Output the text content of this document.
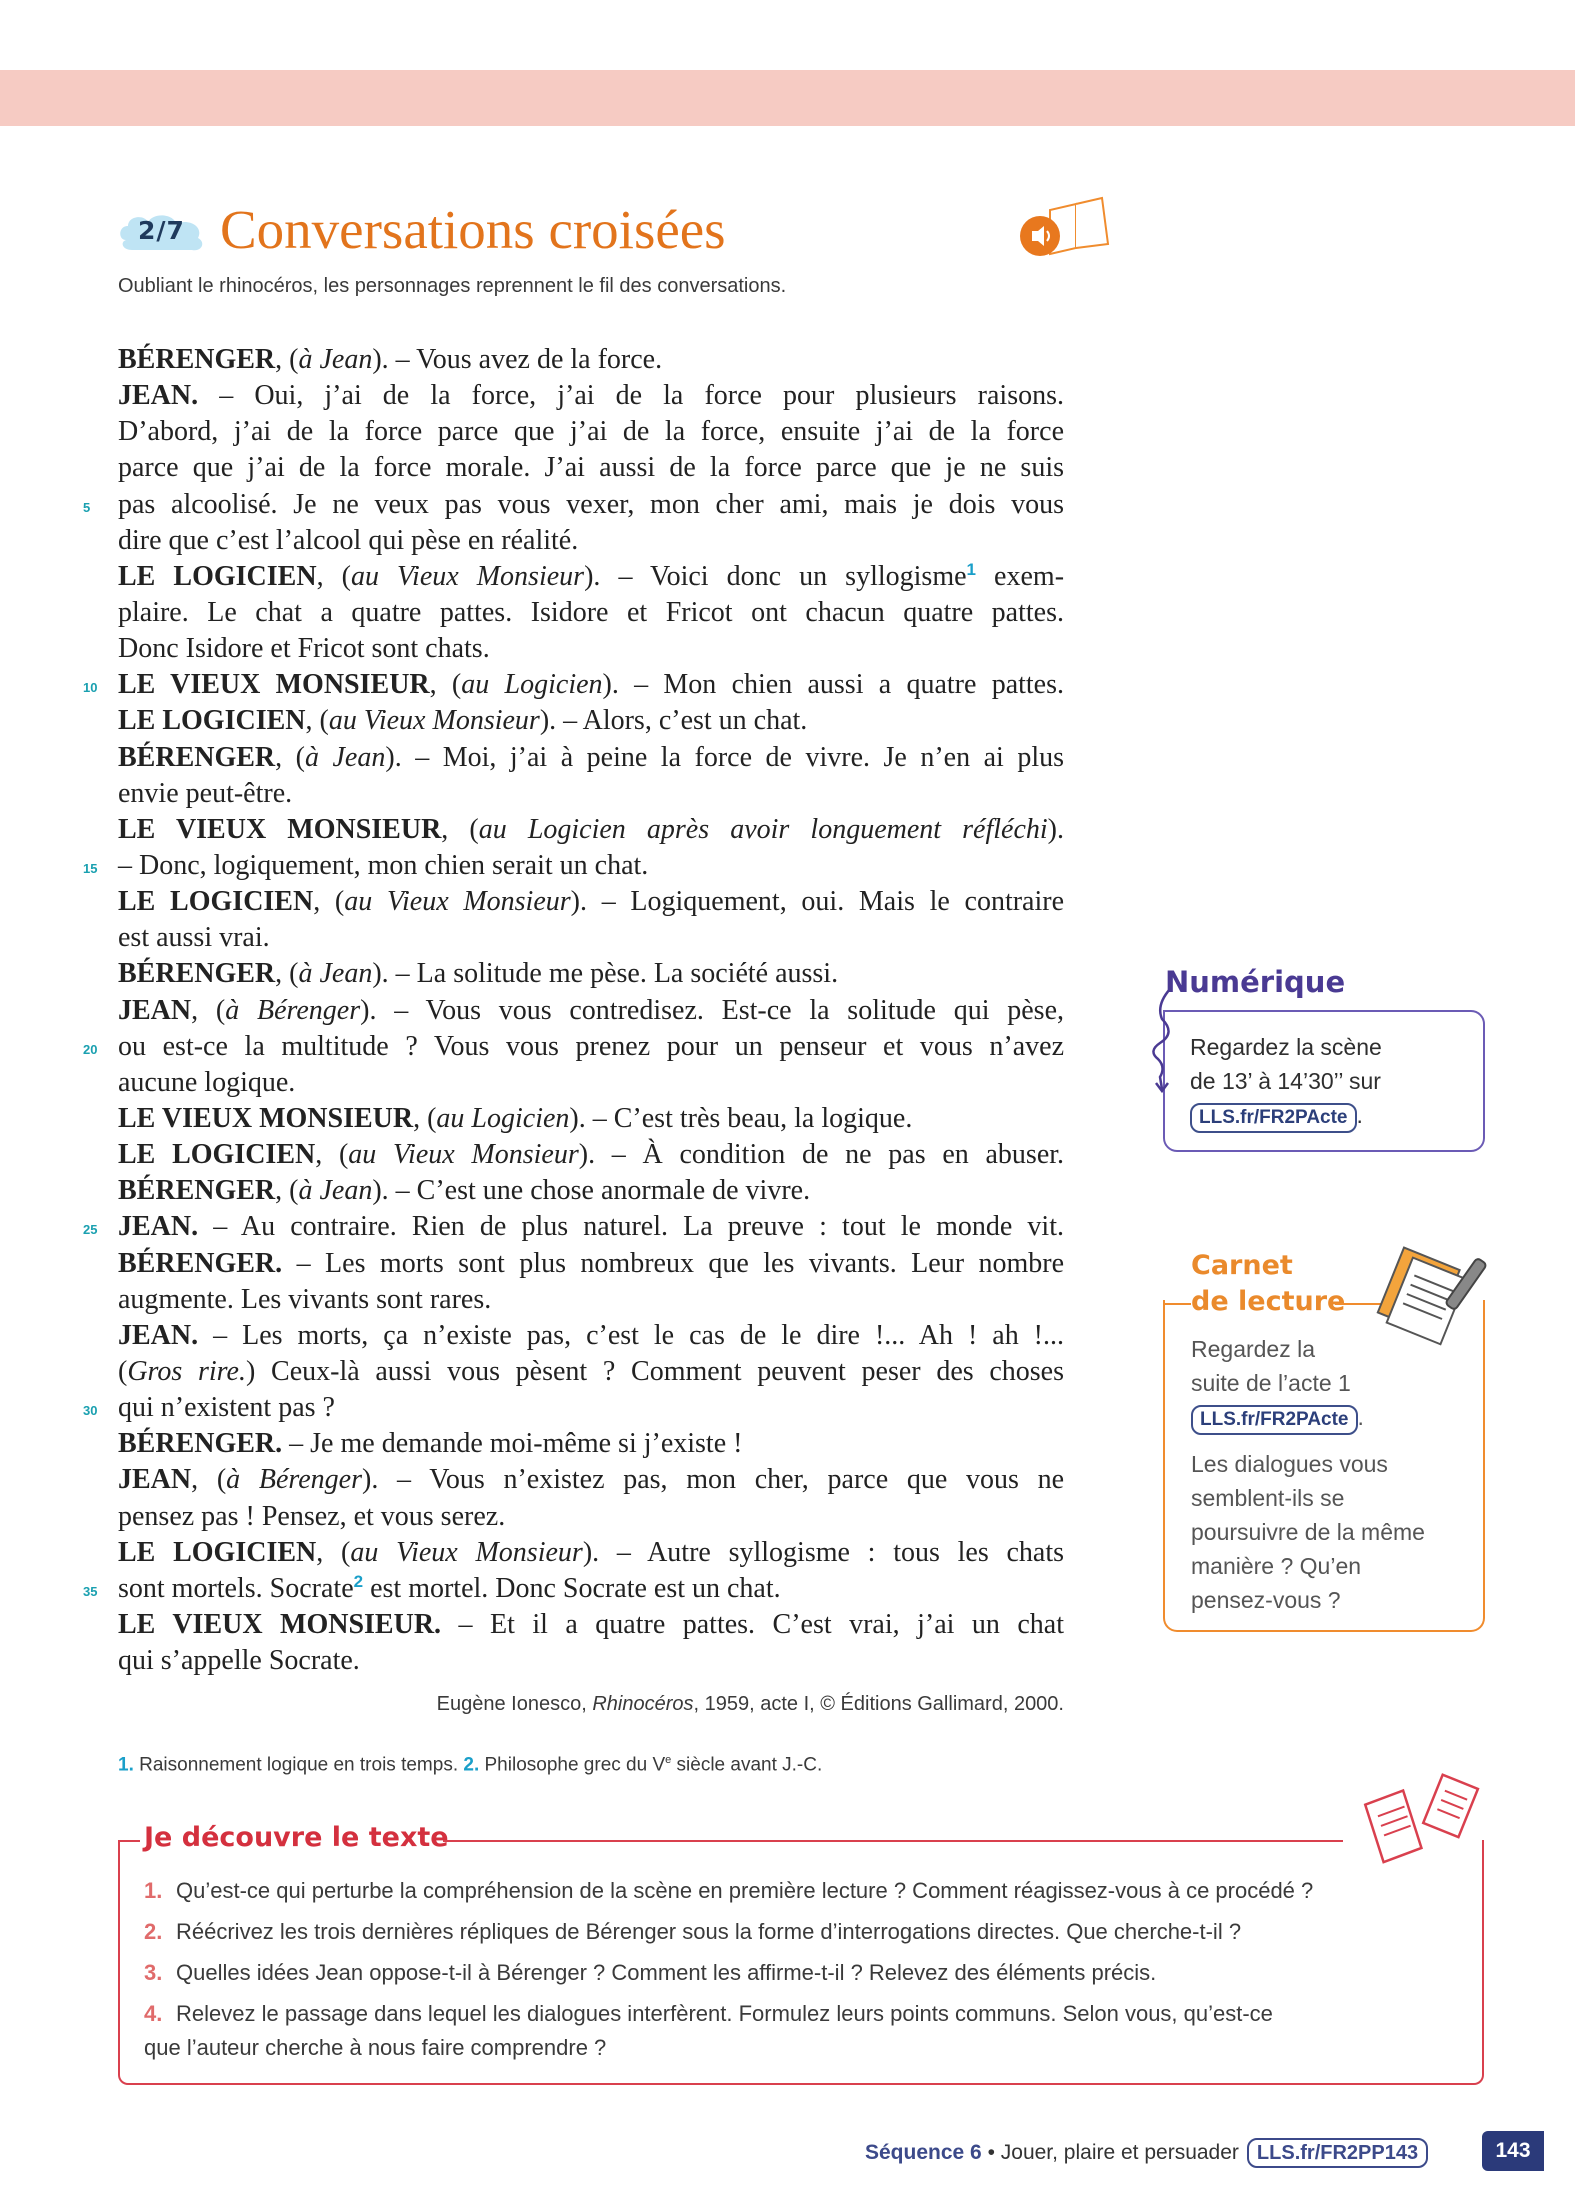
2/7 Conversations croisées
Oubliant le rhinocéros, les personnages reprennent le fil des conversations.
BÉRENGER, (à Jean). – Vous avez de la force.
JEAN. – Oui, j’ai de la force, j’ai de la force pour plusieurs raisons.
D’abord, j’ai de la force parce que j’ai de la force, ensuite j’ai de la force
parce que j’ai de la force morale. J’ai aussi de la force parce que je ne suis
5 pas alcoolisé. Je ne veux pas vous vexer, mon cher ami, mais je dois vous
dire que c’est l’alcool qui pèse en réalité.
LE LOGICIEN, (au Vieux Monsieur). – Voici donc un syllogisme$^1$ exem-
plaire. Le chat a quatre pattes. Isidore et Fricot ont chacun quatre pattes.
Donc Isidore et Fricot sont chats.
10 LE VIEUX MONSIEUR, (au Logicien). – Mon chien aussi a quatre pattes.
LE LOGICIEN, (au Vieux Monsieur). – Alors, c’est un chat.
BÉRENGER, (à Jean). – Moi, j’ai à peine la force de vivre. Je n’en ai plus
envie peut-être.
LE VIEUX MONSIEUR, (au Logicien après avoir longuement réfléchi).
15 – Donc, logiquement, mon chien serait un chat.
LE LOGICIEN, (au Vieux Monsieur). – Logiquement, oui. Mais le contraire
est aussi vrai.
BÉRENGER, (à Jean). – La solitude me pèse. La société aussi.
JEAN, (à Bérenger). – Vous vous contredisez. Est-ce la solitude qui pèse,
20 ou est-ce la multitude ? Vous vous prenez pour un penseur et vous n’avez
aucune logique.
LE VIEUX MONSIEUR, (au Logicien). – C’est très beau, la logique.
LE LOGICIEN, (au Vieux Monsieur). – À condition de ne pas en abuser.
BÉRENGER, (à Jean). – C’est une chose anormale de vivre.
25 JEAN. – Au contraire. Rien de plus naturel. La preuve : tout le monde vit.
BÉRENGER. – Les morts sont plus nombreux que les vivants. Leur nombre
augmente. Les vivants sont rares.
JEAN. – Les morts, ça n’existe pas, c’est le cas de le dire !... Ah ! ah !...
(Gros rire.) Ceux-là aussi vous pèsent ? Comment peuvent peser des choses
30 qui n’existent pas ?
BÉRENGER. – Je me demande moi-même si j’existe !
JEAN, (à Bérenger). – Vous n’existez pas, mon cher, parce que vous ne
pensez pas ! Pensez, et vous serez.
LE LOGICIEN, (au Vieux Monsieur). – Autre syllogisme : tous les chats
35 sont mortels. Socrate$^2$ est mortel. Donc Socrate est un chat.
LE VIEUX MONSIEUR. – Et il a quatre pattes. C’est vrai, j’ai un chat
qui s’appelle Socrate.
Eugène Ionesco, Rhinocéros, 1959, acte I, © Éditions Gallimard, 2000.
1. Raisonnement logique en trois temps. 2. Philosophe grec du Ve siècle avant J.-C.
Numérique
Regardez la scène
de 13’ à 14’30’’ sur
LLS.fr/FR2PActe .
Carnet
de lecture
Regardez la
suite de l’acte 1
LLS.fr/FR2PActe .
Les dialogues vous
semblent-ils se
poursuivre de la même
manière ? Qu’en
pensez-vous ?
Je découvre le texte
1. Qu’est-ce qui perturbe la compréhension de la scène en première lecture ? Comment réagissez-vous à ce procédé ?
2. Réécrivez les trois dernières répliques de Bérenger sous la forme d’interrogations directes. Que cherche-t-il ?
3. Quelles idées Jean oppose-t-il à Bérenger ? Comment les affirme-t-il ? Relevez des éléments précis.
4. Relevez le passage dans lequel les dialogues interfèrent. Formulez leurs points communs. Selon vous, qu’est-ce
que l’auteur cherche à nous faire comprendre ?
Séquence 6 • Jouer, plaire et persuader LLS.fr/FR2PP143	143
